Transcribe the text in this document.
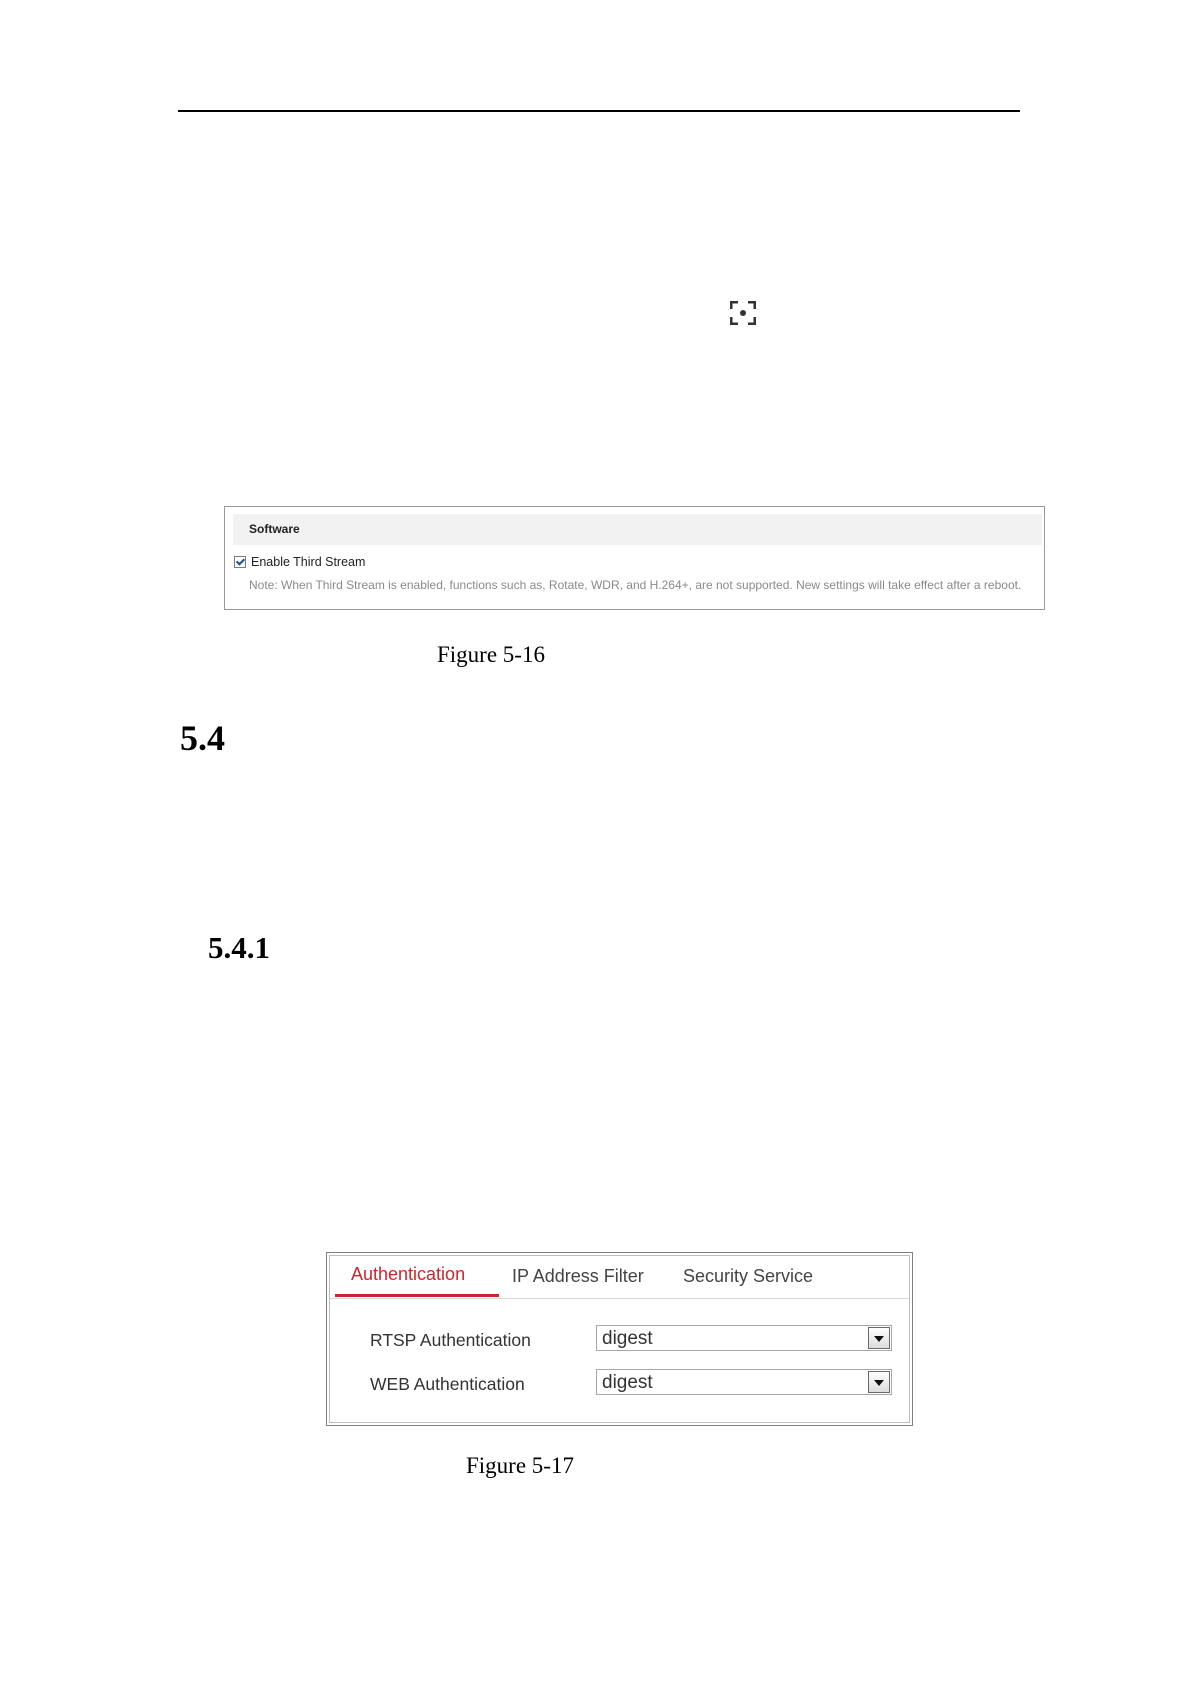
Software
Enable Third Stream
Note: When Third Stream is enabled, functions such as, Rotate, WDR, and H.264+, are not supported. New settings will take effect after a reboot.
Figure 5-16
5.4
5.4.1
Authentication	IP Address Filter Security Service
RTSP Authentication	digest
WEB Authentication	digest
Figure 5-17
